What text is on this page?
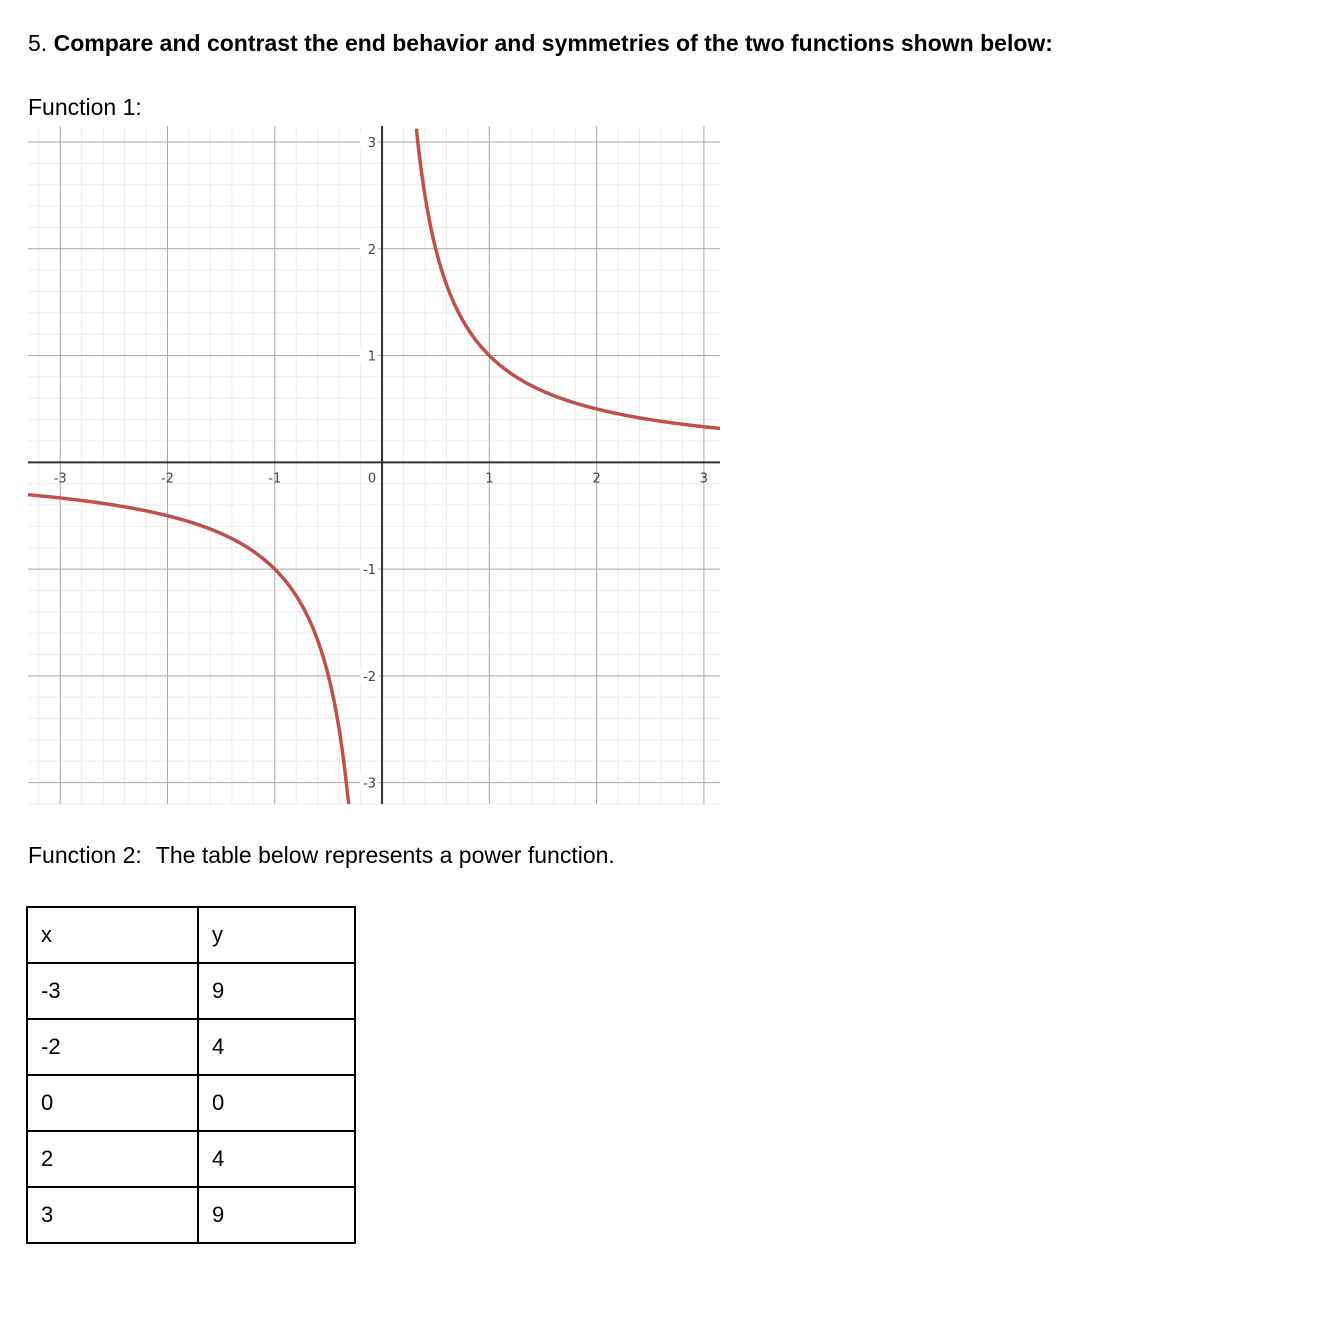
5. Compare and contrast the end behavior and symmetries of the two functions shown below:
Function 1:
-3	-2	-1	0	1	2	3
3
2
1
-1
-2
-3
Function 2: The table below represents a power function.
x	y
-3	9
-2	4
0	0
2	4
3	9
